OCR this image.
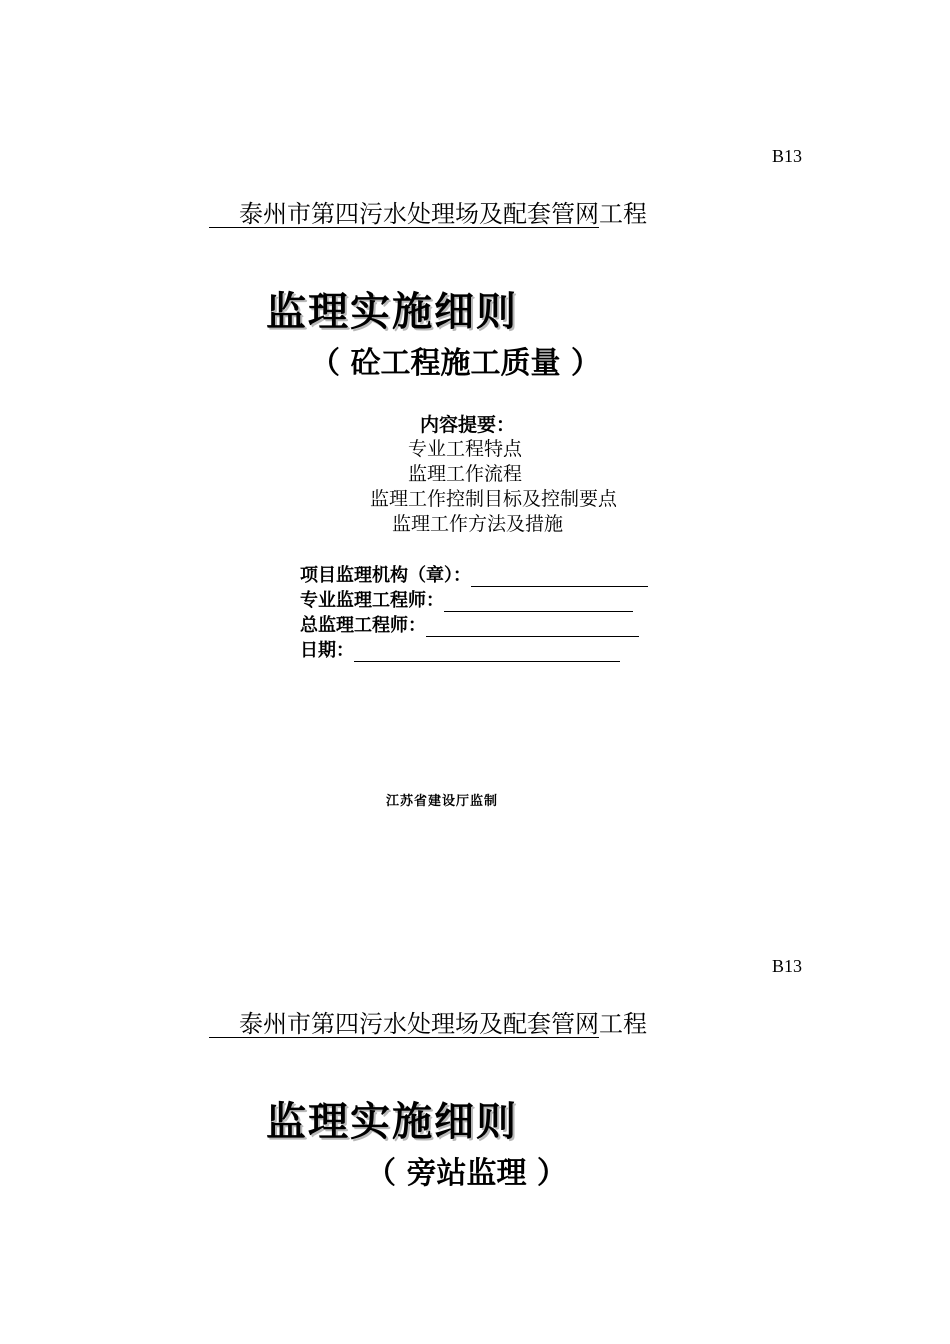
B13
泰州市第四污水处理场及配套管网工程
监理实施细则
（ 砼工程施工质量 ）
内容提要：
专业工程特点
监理工作流程
监理工作控制目标及控制要点
监理工作方法及措施
项目监理机构（章）：
专业监理工程师：
总监理工程师：
日期：
江苏省建设厅监制
B13
泰州市第四污水处理场及配套管网工程
监理实施细则
（ 旁站监理 ）
